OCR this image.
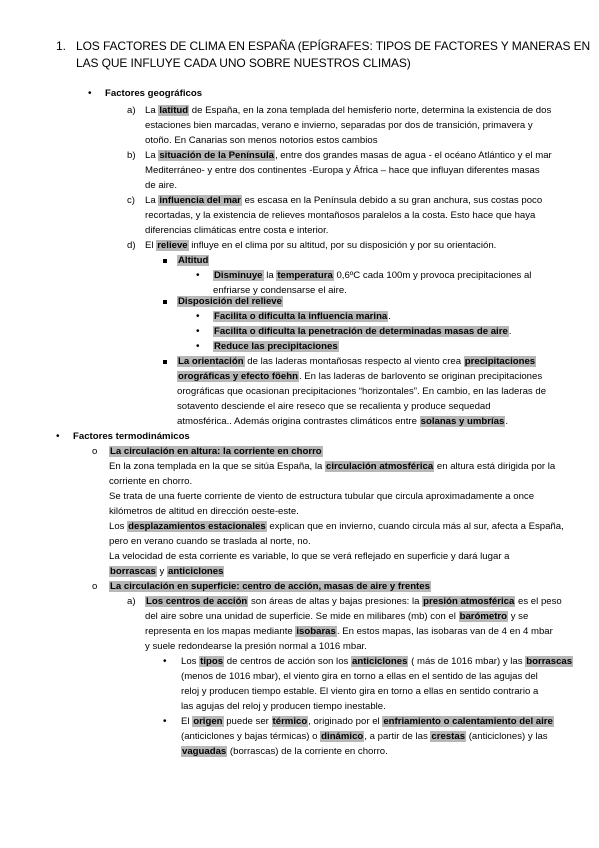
1. LOS FACTORES DE CLIMA EN ESPAÑA (EPÍGRAFES: TIPOS DE FACTORES Y MANERAS EN
LAS QUE INFLUYE CADA UNO SOBRE NUESTROS CLIMAS)
• Factores geográficos
a) La latitud de España, en la zona templada del hemisferio norte, determina la existencia de dos
estaciones bien marcadas, verano e invierno, separadas por dos de transición, primavera y
otoño. En Canarias son menos notorios estos cambios
b) La situación de la Península, entre dos grandes masas de agua - el océano Atlántico y el mar
Mediterráneo- y entre dos continentes -Europa y África – hace que influyan diferentes masas
de aire.
c) La influencia del mar es escasa en la Península debido a su gran anchura, sus costas poco
recortadas, y la existencia de relieves montañosos paralelos a la costa. Esto hace que haya
diferencias climáticas entre costa e interior.
d) El relieve influye en el clima por su altitud, por su disposición y por su orientación.
Altitud
• Disminuye la temperatura 0,6ºC cada 100m y provoca precipitaciones al
enfriarse y condensarse el aire.
Disposición del relieve
• Facilita o dificulta la influencia marina.
• Facilita o dificulta la penetración de determinadas masas de aire.
• Reduce las precipitaciones
La orientación de las laderas montañosas respecto al viento crea precipitaciones
orográficas y efecto föehn. En las laderas de barlovento se originan precipitaciones
orográficas que ocasionan precipitaciones “horizontales”. En cambio, en las laderas de
sotavento desciende el aire reseco que se recalienta y produce sequedad
atmosférica.. Además origina contrastes climáticos entre solanas y umbrías.
• Factores termodinámicos
o La circulación en altura: la corriente en chorro
En la zona templada en la que se sitúa España, la circulación atmosférica en altura está dirigida por la
corriente en chorro.
Se trata de una fuerte corriente de viento de estructura tubular que circula aproximadamente a once
kilómetros de altitud en dirección oeste-este.
Los desplazamientos estacionales explican que en invierno, cuando circula más al sur, afecta a España,
pero en verano cuando se traslada al norte, no.
La velocidad de esta corriente es variable, lo que se verá reflejado en superficie y dará lugar a
borrascas y anticiclones
o La circulación en superficie: centro de acción, masas de aire y frentes
a) Los centros de acción son áreas de altas y bajas presiones: la presión atmosférica es el peso
del aire sobre una unidad de superficie. Se mide en milibares (mb) con el barómetro y se
representa en los mapas mediante isobaras. En estos mapas, las isobaras van de 4 en 4 mbar
y suele redondearse la presión normal a 1016 mbar.
• Los tipos de centros de acción son los anticiclones ( más de 1016 mbar) y las borrascas
(menos de 1016 mbar), el viento gira en torno a ellas en el sentido de las agujas del
reloj y producen tiempo estable. El viento gira en torno a ellas en sentido contrario a
las agujas del reloj y producen tiempo inestable.
• El origen puede ser térmico, originado por el enfriamiento o calentamiento del aire
(anticiclones y bajas térmicas) o dinámico, a partir de las crestas (anticiclones) y las
vaguadas (borrascas) de la corriente en chorro.
